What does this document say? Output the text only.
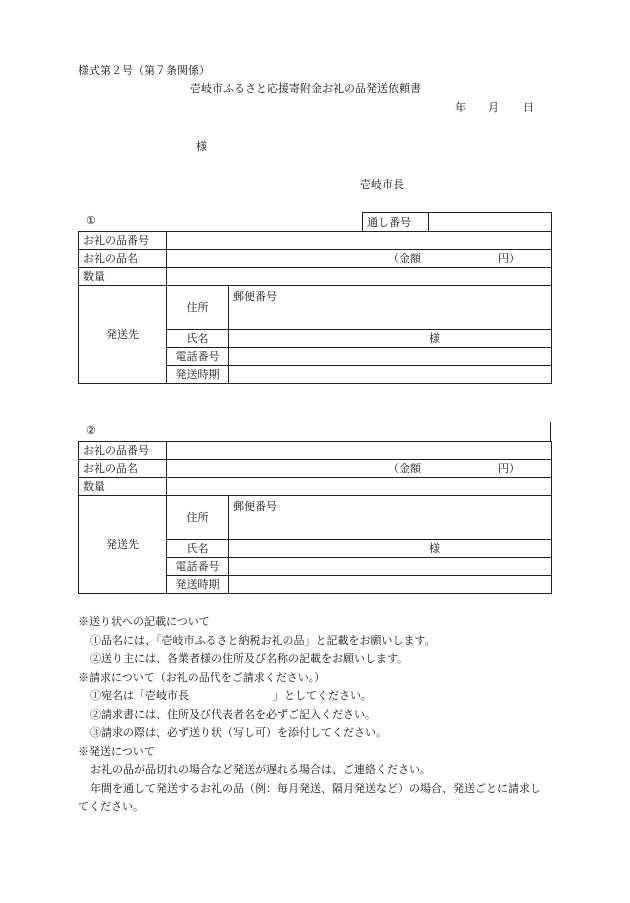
様式第２号（第７条関係）
壱岐市ふるさと応援寄附金お礼の品発送依頼書
年 月 日
様
壱岐市長
①
			通し番号	
お礼の品番号				
お礼の品名	（金額 円）			
数量				
発送先	住所	郵便番号		
	氏名	様		
	電話番号			
	発送時期			
②
お礼の品番号		
お礼の品名	（金額 円）	
数量		
発送先	住所	郵便番号
	氏名	様
	電話番号	
	発送時期	
※送り状への記載について
①品名には、「壱岐市ふるさと納税お礼の品」と記載をお願いします。
②送り主には、各業者様の住所及び名称の記載をお願いします。
※請求について（お礼の品代をご請求ください。）
①宛名は「壱岐市長	」としてください。
②請求書には、住所及び代表者名を必ずご記入ください。
③請求の際は、必ず送り状（写し可）を添付してください。
※発送について
お礼の品が品切れの場合など発送が遅れる場合は、ご連絡ください。
年間を通して発送するお礼の品（例：毎月発送、隔月発送など）の場合、発送ごとに請求してください。
